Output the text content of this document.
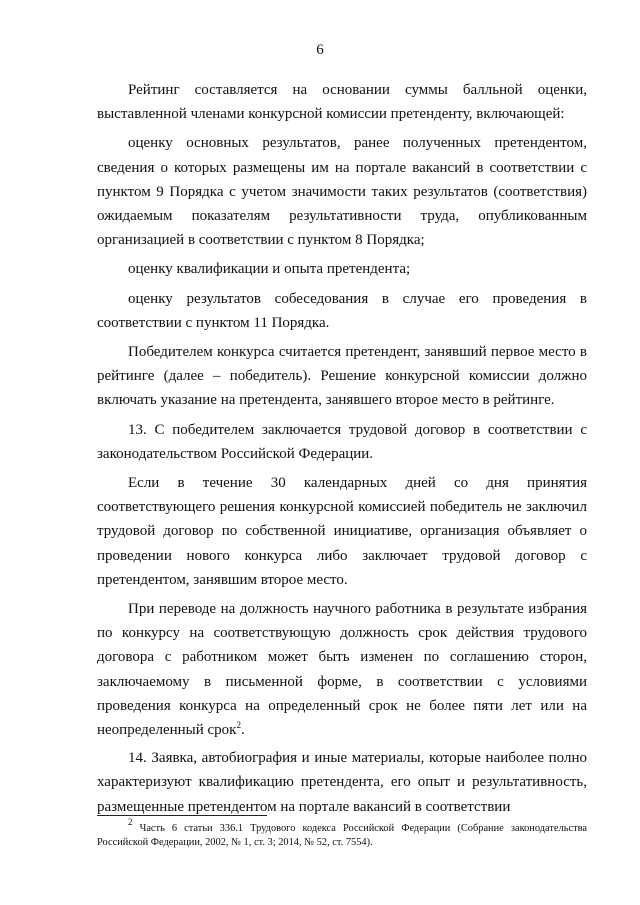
6

Рейтинг составляется на основании суммы балльной оценки, выставленной членами конкурсной комиссии претенденту, включающей:

оценку основных результатов, ранее полученных претендентом, сведения о которых размещены им на портале вакансий в соответствии с пунктом 9 Порядка с учетом значимости таких результатов (соответствия) ожидаемым показателям результативности труда, опубликованным организацией в соответствии с пунктом 8 Порядка;

оценку квалификации и опыта претендента;

оценку результатов собеседования в случае его проведения в соответствии с пунктом 11 Порядка.

Победителем конкурса считается претендент, занявший первое место в рейтинге (далее – победитель). Решение конкурсной комиссии должно включать указание на претендента, занявшего второе место в рейтинге.

13. С победителем заключается трудовой договор в соответствии с законодательством Российской Федерации.

Если в течение 30 календарных дней со дня принятия соответствующего решения конкурсной комиссией победитель не заключил трудовой договор по собственной инициативе, организация объявляет о проведении нового конкурса либо заключает трудовой договор с претендентом, занявшим второе место.

При переводе на должность научного работника в результате избрания по конкурсу на соответствующую должность срок действия трудового договора с работником может быть изменен по соглашению сторон, заключаемому в письменной форме, в соответствии с условиями проведения конкурса на определенный срок не более пяти лет или на неопределенный срок$^2$.

14. Заявка, автобиография и иные материалы, которые наиболее полно характеризуют квалификацию претендента, его опыт и результативность, размещенные претендентом на портале вакансий в соответствии

$^2$ Часть 6 статьи 336.1 Трудового кодекса Российской Федерации (Собрание законодательства Российской Федерации, 2002, № 1, ст. 3; 2014, № 52, ст. 7554).
